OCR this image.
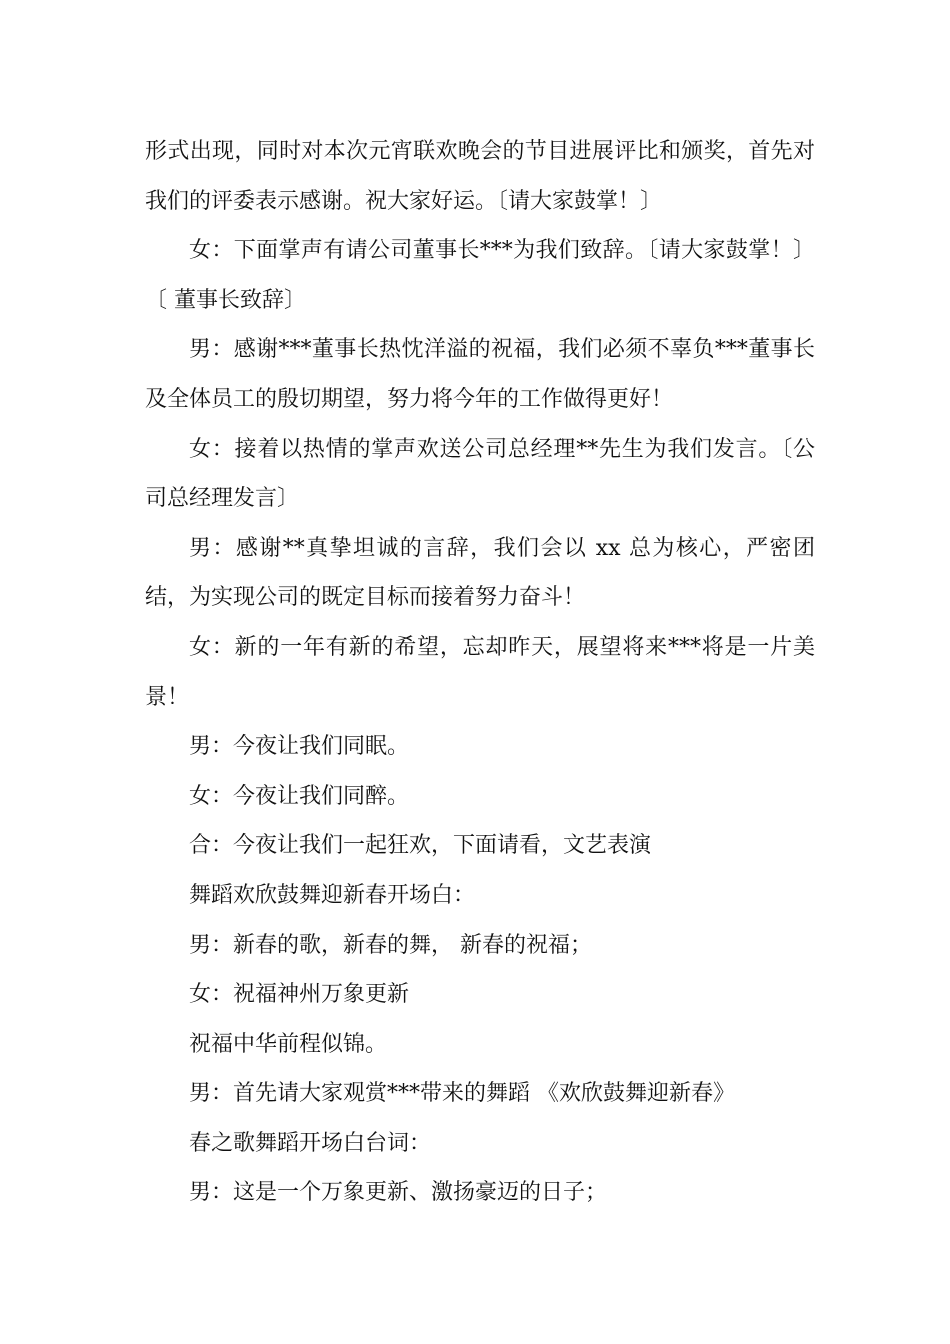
形式出现，同时对本次元宵联欢晚会的节目进展评比和颁奖，首先对我们的评委表示感谢。祝大家好运。〔请大家鼓掌！〕

女：下面掌声有请公司董事长***为我们致辞。〔请大家鼓掌！〕 〔 董事长致辞〕

男：感谢***董事长热忱洋溢的祝福，我们必须不辜负***董事长及全体员工的殷切期望，努力将今年的工作做得更好！

女：接着以热情的掌声欢送公司总经理**先生为我们发言。〔公司总经理发言〕

男：感谢**真挚坦诚的言辞，我们会以 xx 总为核心，严密团结，为实现公司的既定目标而接着努力奋斗！

女：新的一年有新的希望，忘却昨天，展望将来***将是一片美景！

男：今夜让我们同眠。

女：今夜让我们同醉。

合：今夜让我们一起狂欢，下面请看，文艺表演

舞蹈欢欣鼓舞迎新春开场白：

男：新春的歌，新春的舞， 新春的祝福；

女：祝福神州万象更新

祝福中华前程似锦。

男：首先请大家观赏***带来的舞蹈 《欢欣鼓舞迎新春》

春之歌舞蹈开场白台词：

男：这是一个万象更新、激扬豪迈的日子；
